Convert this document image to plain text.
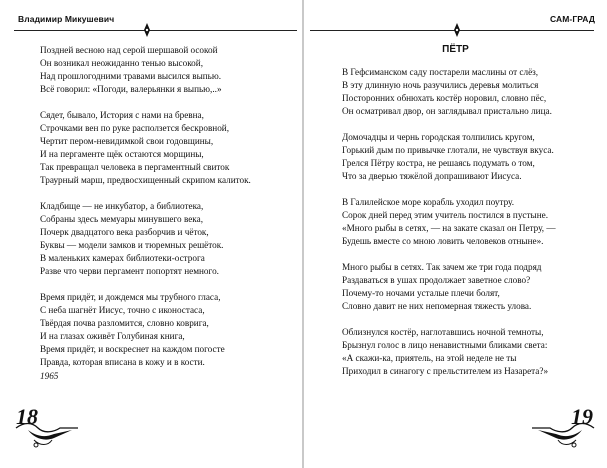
Владимир Микушевич
Поздней весною над серой шершавой осокой
Он возникал неожиданно тенью высокой,
Над прошлогодними травами высился выпью.
Всё говорил: «Погоди, валерьянки я выпью,..»
Сядет, бывало, История с нами на бревна,
Строчками вен по руке расползется бескровной,
Чертит пером-невидимкой свои годовщины,
И на пергаменте щёк остаются морщины,
Так превращал человека в пергаментный свиток
Траурный марш, предвосхищенный скрипом калиток.
Кладбище — не инкубатор, а библиотека,
Собраны здесь мемуары минувшего века,
Почерк двадцатого века разборчив и чёток,
Буквы — модели замков и тюремных решёток.
В маленьких камерах библиотеки-острога
Разве что черви пергамент попортят немного.
Время придёт, и дождемся мы трубного гласа,
С неба шагнёт Иисус, точно с иконостаса,
Твёрдая почва разломится, словно коврига,
И на глазах оживёт Голубиная книга,
Время придёт, и воскреснет на каждом погосте
Правда, которая вписана в кожу и в кости.
1965
18
САМ-ГРАД
ПЁТР
В Гефсиманском саду постарели маслины от слёз,
В эту длинную ночь разучились деревья молиться
Посторонних обнюхать костёр норовил, словно пёс,
Он осматривал двор, он заглядывал пристально лица.
Домочадцы и чернь городская толпились кругом,
Горький дым по привычке глотали, не чувствуя вкуса.
Грелся Пётру костра, не решаясь подумать о том,
Что за дверью тяжёлой допрашивают Иисуса.
В Галилейское море корабль уходил поутру.
Сорок дней перед этим учитель постился в пустыне.
«Много рыбы в сетях, — на закате сказал он Петру, —
Будешь вместе со мною ловить человеков отныне».
Много рыбы в сетях. Так зачем же три года подряд
Раздаваться в ушах продолжает заветное слово?
Почему-то ночами усталые плечи болят,
Словно давит не них непомерная тяжесть улова.
Облизнулся костёр, наглотавшись ночной темноты,
Брызнул голос в лицо ненавистными бликами света:
«А скажи-ка, приятель, на этой неделе не ты
Приходил в синагогу с прельстителем из Назарета?»
19
